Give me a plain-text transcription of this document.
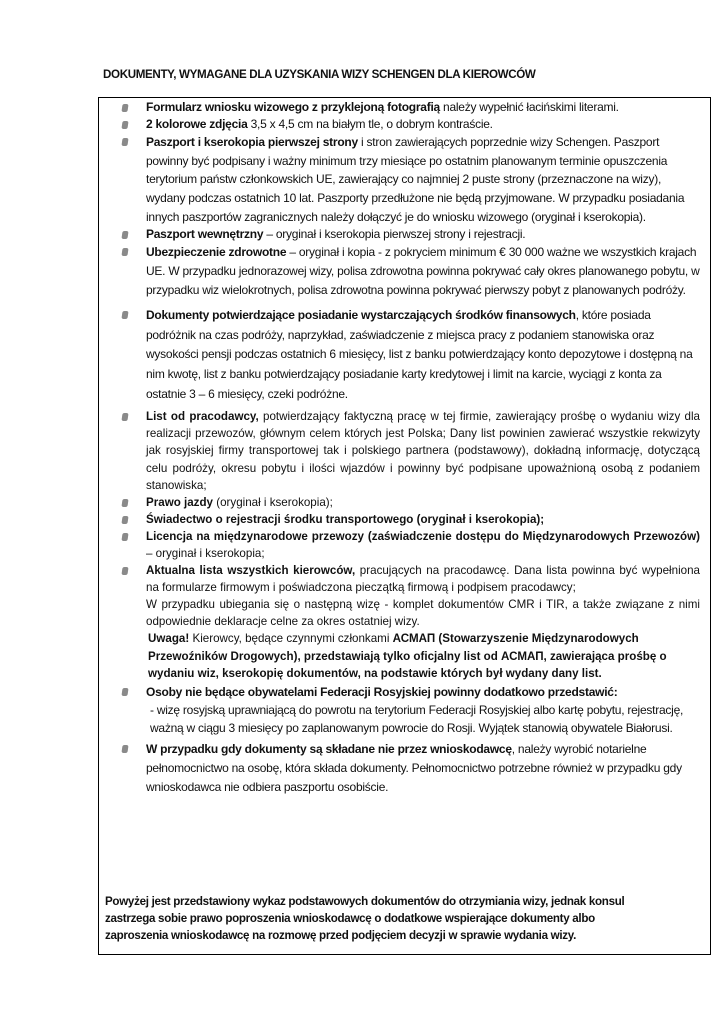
DOKUMENTY, WYMAGANE DLA UZYSKANIA WIZY SCHENGEN DLA KIEROWCÓW

Formularz wniosku wizowego z przyklejoną fotografią należy wypełnić łacińskimi literami.

2 kolorowe zdjęcia 3,5 x 4,5 cm na białym tle, o dobrym kontraście.

Paszport i kserokopia pierwszej strony i stron zawierających poprzednie wizy Schengen. Paszport powinny być podpisany i ważny minimum trzy miesiące po ostatnim planowanym terminie opuszczenia terytorium państw członkowskich UE, zawierający co najmniej 2 puste strony (przeznaczone na wizy), wydany podczas ostatnich 10 lat. Paszporty przedłużone nie będą przyjmowane. W przypadku posiadania innych paszportów zagranicznych należy dołączyć je do wniosku wizowego (oryginał i kserokopia).

Paszport wewnętrzny – oryginał i kserokopia pierwszej strony i rejestracji.

Ubezpieczenie zdrowotne – oryginał i kopia - z pokryciem minimum € 30 000 ważne we wszystkich krajach UE. W przypadku jednorazowej wizy, polisa zdrowotna powinna pokrywać cały okres planowanego pobytu, w przypadku wiz wielokrotnych, polisa zdrowotna powinna pokrywać pierwszy pobyt z planowanych podróży.

Dokumenty potwierdzające posiadanie wystarczających środków finansowych, które posiada podróżnik na czas podróży, naprzykład, zaświadczenie z miejsca pracy z podaniem stanowiska oraz wysokości pensji podczas ostatnich 6 miesięcy, list z banku potwierdzający konto depozytowe i dostępną na nim kwotę, list z banku potwierdzający posiadanie karty kredytowej i limit na karcie, wyciągi z konta za ostatnie 3 – 6 miesięcy, czeki podróżne.

List od pracodawcy, potwierdzający faktyczną pracę w tej firmie, zawierający prośbę o wydaniu wizy dla realizacji przewozów, głównym celem których jest Polska; Dany list powinien zawierać wszystkie rekwizyty jak rosyjskiej firmy transportowej tak i polskiego partnera (podstawowy), dokładną informację, dotyczącą celu podróży, okresu pobytu i ilości wjazdów i powinny być podpisane upoważnioną osobą z podaniem stanowiska;

Prawo jazdy (oryginał i kserokopia);

Świadectwo o rejestracji środku transportowego (oryginał i kserokopia);

Licencja na międzynarodowe przewozy (zaświadczenie dostępu do Międzynarodowych Przewozów) – oryginał i kserokopia;

Aktualna lista wszystkich kierowców, pracujących na pracodawcę. Dana lista powinna być wypełniona na formularze firmowym i poświadczona pieczątką firmową i podpisem pracodawcy;

W przypadku ubiegania się o następną wizę - komplet dokumentów CMR i TIR, a także związane z nimi odpowiednie deklaracje celne za okres ostatniej wizy.

Uwaga! Kierowcy, będące czynnymi członkami АСМАП (Stowarzyszenie Międzynarodowych Przewoźników Drogowych), przedstawiają tylko oficjalny list od АСМАП, zawierająca prośbę o wydaniu wiz, kserokopię dokumentów, na podstawie których był wydany dany list.

Osoby nie będące obywatelami Federacji Rosyjskiej powinny dodatkowo przedstawić:

- wizę rosyjską uprawniającą do powrotu na terytorium Federacji Rosyjskiej albo kartę pobytu, rejestrację, ważną w ciągu 3 miesięcy po zaplanowanym powrocie do Rosji. Wyjątek stanowią obywatele Białorusi.

W przypadku gdy dokumenty są składane nie przez wnioskodawcę, należy wyrobić notarielne pełnomocnictwo na osobę, która składa dokumenty. Pełnomocnictwo potrzebne również w przypadku gdy wnioskodawca nie odbiera paszportu osobiście.

Powyżej jest przedstawiony wykaz podstawowych dokumentów do otrzymiania wizy, jednak konsul

zastrzega sobie prawo poproszenia wnioskodawcę o dodatkowe wspierające dokumenty albo

zaproszenia wnioskodawcę na rozmowę przed podjęciem decyzji w sprawie wydania wizy.
